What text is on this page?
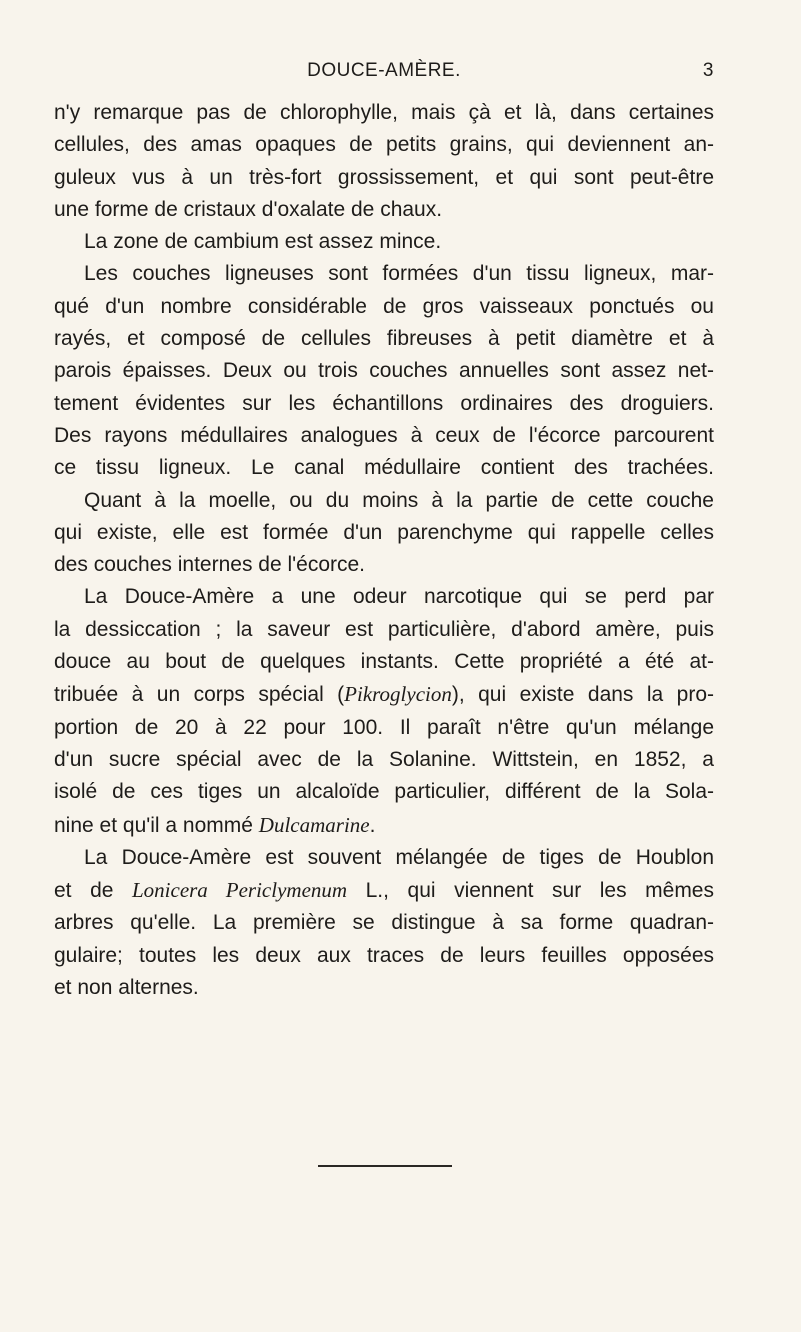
DOUCE-AMÈRE.	3
n'y remarque pas de chlorophylle, mais çà et là, dans certaines
cellules, des amas opaques de petits grains, qui deviennent an-
guleux vus à un très-fort grossissement, et qui sont peut-être
une forme de cristaux d'oxalate de chaux.
La zone de cambium est assez mince.
Les couches ligneuses sont formées d'un tissu ligneux, mar-
qué d'un nombre considérable de gros vaisseaux ponctués ou
rayés, et composé de cellules fibreuses à petit diamètre et à
parois épaisses. Deux ou trois couches annuelles sont assez net-
tement évidentes sur les échantillons ordinaires des droguiers.
Des rayons médullaires analogues à ceux de l'écorce parcourent
ce tissu ligneux. Le canal médullaire contient des trachées.
Quant à la moelle, ou du moins à la partie de cette couche
qui existe, elle est formée d'un parenchyme qui rappelle celles
des couches internes de l'écorce.
La Douce-Amère a une odeur narcotique qui se perd par
la dessiccation ; la saveur est particulière, d'abord amère, puis
douce au bout de quelques instants. Cette propriété a été at-
tribuée à un corps spécial (Pikroglycion), qui existe dans la pro-
portion de 20 à 22 pour 100. Il paraît n'être qu'un mélange
d'un sucre spécial avec de la Solanine. Wittstein, en 1852, a
isolé de ces tiges un alcaloïde particulier, différent de la Sola-
nine et qu'il a nommé Dulcamarine.
La Douce-Amère est souvent mélangée de tiges de Houblon
et de Lonicera Periclymenum L., qui viennent sur les mêmes
arbres qu'elle. La première se distingue à sa forme quadran-
gulaire; toutes les deux aux traces de leurs feuilles opposées
et non alternes.
